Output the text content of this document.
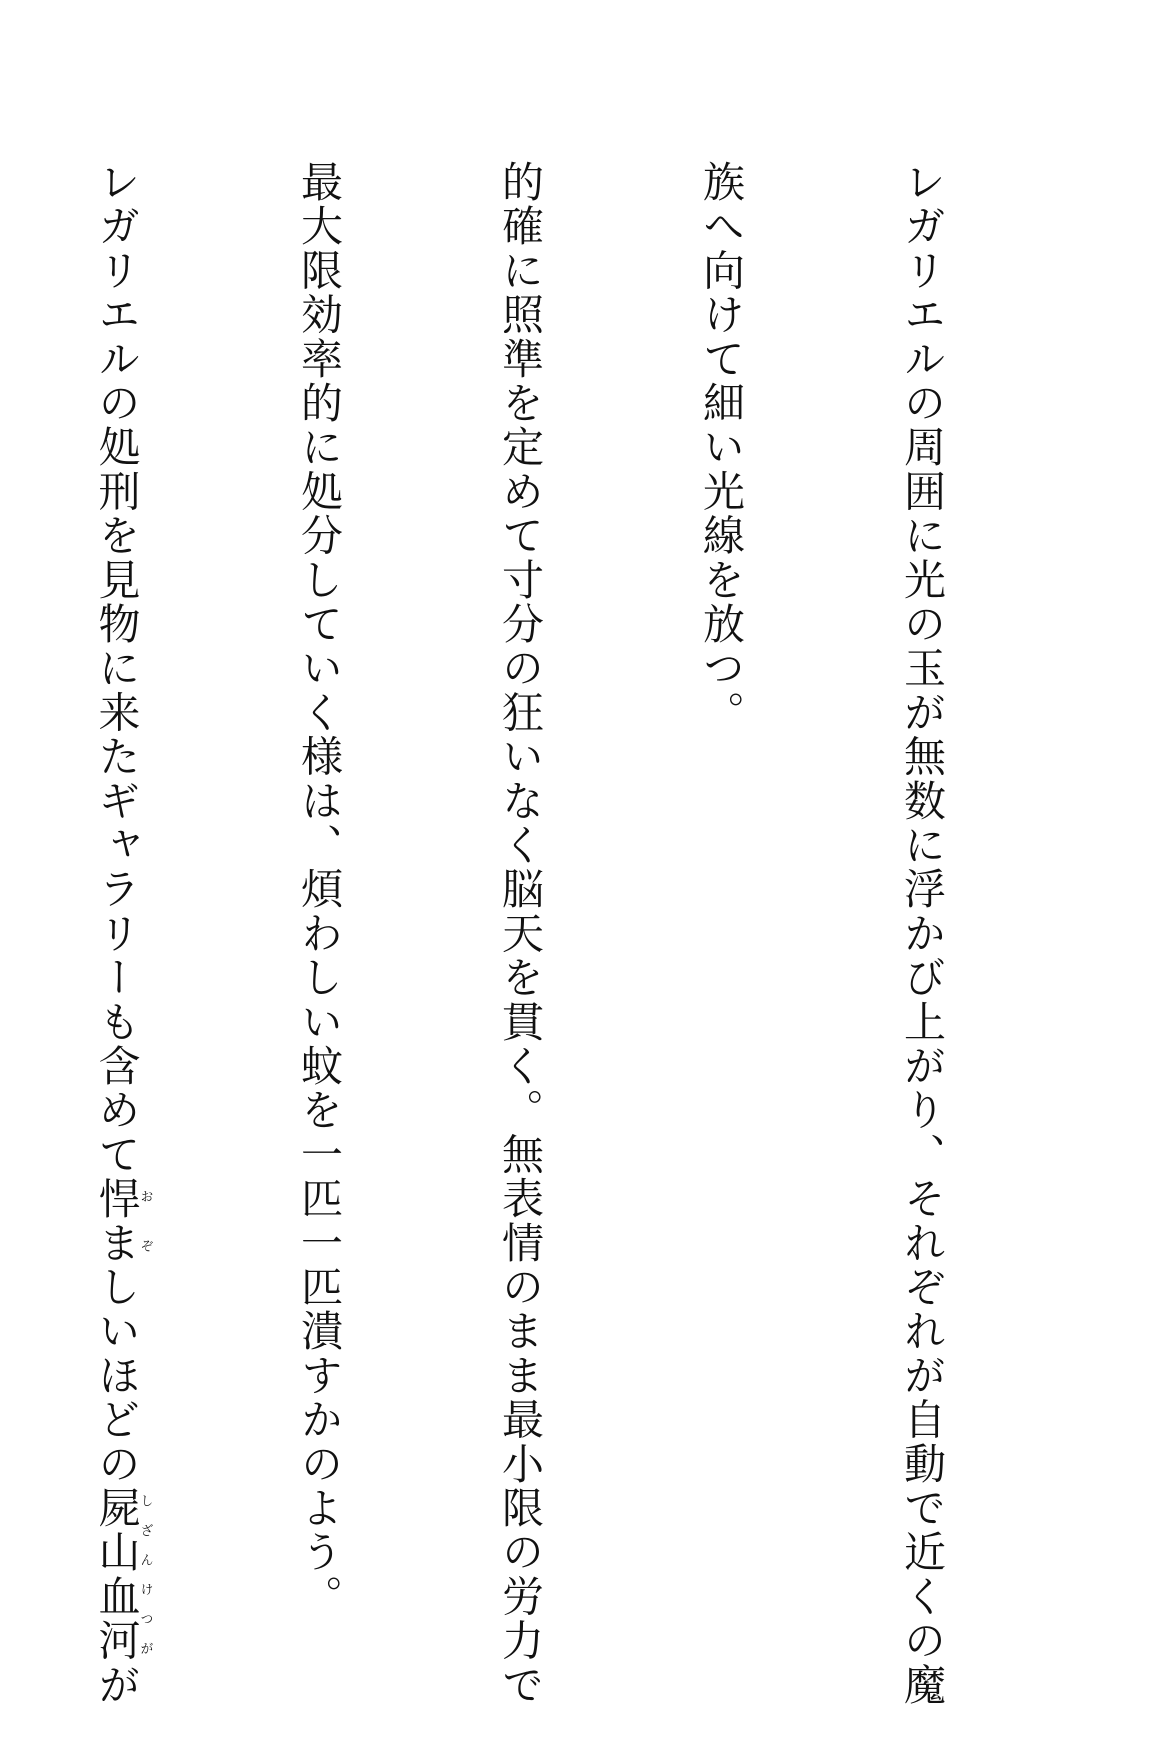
レガリエルの周囲に光の玉が無数に浮かび上がり、それぞれが自動で近くの魔

族へ向けて細い光線を放つ。

的確に照準を定めて寸分の狂いなく脳天を貫く。無表情のまま最小限の労力で

最大限効率的に処分していく様は、煩わしい蚊を一匹一匹潰すかのよう。

レガリエルの処刑を見物に来たギャラリーも含めて悍まおぞしいほどの屍山血河しざんけつがが
